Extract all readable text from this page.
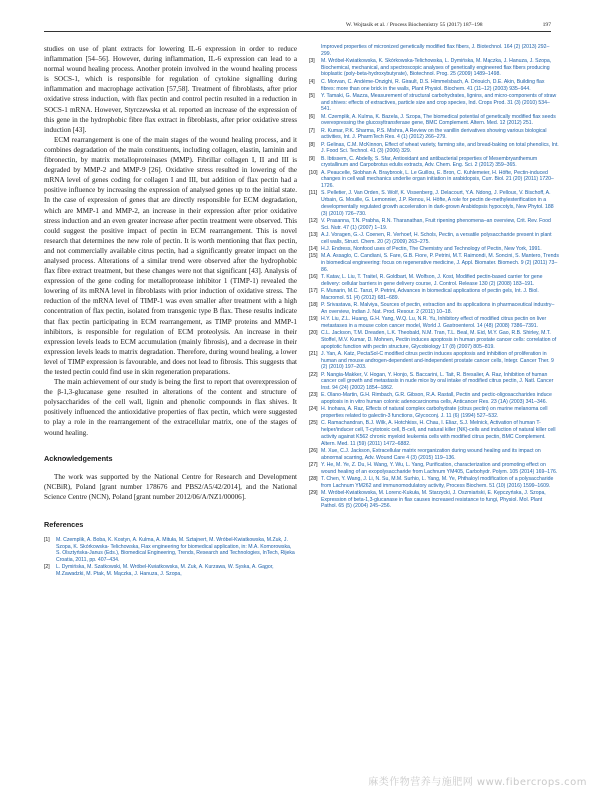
W. Wojtasik et al. / Process Biochemistry 55 (2017) 187–198	197

studies on use of plant extracts for lowering IL-6 expression in order to reduce inflammation [54–56]. However, during inflammation, IL-6 expression can lead to a normal wound healing process. Another protein involved in the wound healing process is SOCS-1, which is responsible for regulation of cytokine signalling during inflammation and macrophage activation [57,58]. Treatment of fibroblasts, after prior oxidative stress induction, with flax pectin and control pectin resulted in a reduction in SOCS-1 mRNA. However, Styrczewska et al. reported an increase of the expression of this gene in the hydrophobic fibre flax extract in fibroblasts, after prior oxidative stress induction [43].

ECM rearrangement is one of the main stages of the wound healing process, and it combines degradation of the main constituents, including collagen, elastin, laminin and fibronectin, by matrix metalloproteinases (MMP). Fibrillar collagen I, II and III is degraded by MMP-2 and MMP-9 [26]. Oxidative stress resulted in lowering of the mRNA level of genes coding for collagen I and III, but addition of flax pectin had a positive influence by increasing the expression of analysed genes up to the initial state. In the case of expression of genes that are directly responsible for ECM degradation, which are MMP-1 and MMP-2, an increase in their expression after prior oxidative stress induction and an even greater increase after pectin treatment were observed. This could suggest the positive impact of pectin in ECM rearrangement. This is novel research that determines the new role of pectin. It is worth mentioning that flax pectin, and not commercially available citrus pectin, had a significantly greater impact on the analysed process. Alterations of a similar trend were observed after the hydrophobic flax fibre extract treatment, but these changes were not that significant [43]. Analysis of expression of the gene coding for metalloprotease inhibitor 1 (TIMP-1) revealed the lowering of its mRNA level in fibroblasts with prior induction of oxidative stress. The reduction of the mRNA level of TIMP-1 was even smaller after treatment with a high concentration of flax pectin, isolated from transgenic type B flax. These results indicate that flax pectin participating in ECM rearrangement, as TIMP proteins and MMP-1 inhibitors, is responsible for regulation of ECM proteolysis. An increase in their expression levels leads to ECM accumulation (mainly fibrosis), and a decrease in their expression levels leads to matrix degradation. Therefore, during wound healing, a lower level of TIMP expression is favourable, and does not lead to fibrosis. This suggests that the tested pectin could find use in skin regeneration preparations.

The main achievement of our study is being the first to report that overexpression of the β-1,3-glucanase gene resulted in alterations of the content and structure of polysaccharides of the cell wall, lignin and phenolic compounds in flax shives. It positively influenced the antioxidative properties of flax pectin, which were suggested to play a role in the rearrangement of the extracellular matrix, one of the stages of wound healing.

Acknowledgements

The work was supported by the National Centre for Research and Development (NCBiR), Poland [grant number 178676 and PBS2/A5/42/2014], and the National Science Centre (NCN), Poland [grant number 2012/06/A/NZ1/00006].

References
[1]	M. Czemplik, A. Boba, K. Kostyn, A. Kulma, A. Mituła, M. Sztajnert, M. Wróbel-Kwiatkowska, M.Zuk, J. Szopa, K. Skórkowska- Telichowska, Flax engineering for biomedical application, in: M.A. Komorowska, S. Olsztyńska-Janus (Eds.), Biomedical Engineering, Trends, Research and Technologies, InTech, Rijeka Croatia, 2011, pp. 407–434.
[2]	L. Dymińska, M. Szatkowski, M. Wróbel-Kwiatkowska, M. Zuk, A. Kurzawa, W. Syska, A. Gągor, M.Zawadzki, M. Ptak, M. Mączka, J. Hanuza, J. Szopa,
Improved properties of micronized genetically modified flax fibers, J. Biotechnol. 164 (2) (2013) 292–299.
[3]	M. Wróbel-Kwiatkowska, K. Skórkowska-Telichowska, L. Dymińska, M. Mączka, J. Hanuza, J. Szopa, Biochemical, mechanical, and spectroscopic analyses of genetically engineered flax fibers producing bioplastic (poly-beta-hydroxybutyrate), Biotechnol. Prog. 25 (2009) 1489–1498.
[4]	C. Morvan, C. Andème-Onzighi, R. Girault, D.S. Himmelsbach, A. Driouich, D.E. Akin, Building flax fibres: more than one brick in the walls, Plant Physiol. Biochem. 41 (11–12) (2003) 935–944.
[5]	Y. Tamaki, G. Mazza, Measurement of structural carbohydrates, lignins, and micro-components of straw and shives: effects of extractives, particle size and crop species, Ind. Crops Prod. 31 (3) (2010) 534–541.
[6]	M. Czemplik, A. Kulma, K. Bazela, J. Szopa, The biomedical potential of genetically modified flax seeds overexpressing the glucosyltransferase gene, BMC Complement. Altern. Med. 12 (2012) 251.
[7]	R. Kumar, P.K. Sharma, P.S. Mishra, A Review on the vanillin derivatives showing various biological activities, Int. J. PharmTech Res. 4 (1) (2012) 266–279.
[8]	P. Gelinas, C.M. McKinnon, Effect of wheat variety, farming site, and bread-baking on total phenolics, Int. J. Food Sci. Technol. 41 (3) (2006) 329.
[9]	B. Ibtissem, C. Abdelly, S. Sfar, Antioxidant and antibacterial properties of Mesembryanthemum crystallinum and Carpobrotus edulis extracts, Adv. Chem. Eng. Sci. 2 (2012) 359–365.
[10] A. Peaucelle, Siobhan A. Braybrook, L. Le Guillou, E. Bron, C. Kuhlemeier, H. Höfte, Pectin-induced changes in cell wall mechanics underlie organ initiation in arabidopsis, Curr. Biol. 21 (20) (2011) 1720–1726.
[11] S. Pelletier, J. Van Orden, S. Wolf, K. Vissenberg, J. Delacourt, Y.A. Ndong, J. Pelloux, V. Bischoff, A. Urbain, G. Mouille, G. Lemonnier, J.P. Renou, H. Höfte, A role for pectin de-methylesterification in a developmentally regulated growth acceleration in dark-grown Arabidopsis hypocotyls, New Phytol. 188 (3) (2010) 726–730.
[12] V. Prasanna, T.N. Prabha, R.N. Tharanathan, Fruit ripening phenomena–an overview, Crit. Rev. Food Sci. Nutr. 47 (1) (2007) 1–19.
[13] A.J. Voragen, G.-J. Coenen, R. Verhoef, H. Schols, Pectin, a versatile polysaccharide present in plant cell walls, Struct. Chem. 20 (2) (2009) 263–275.
[14] H.J. Endress, Nonfood uses of Pectin, The Chemistry and Technology of Pectin, New York, 1991.
[15] M.A. Assaglo, C. Candiani, S. Fare, G.B. Fiore, P. Petrini, M.T. Raimondi, M. Soncini, S. Mantero, Trends in biomedical engineering: focus on regenerative medicine, J. Appl. Biomater. Biomech. 9 (2) (2011) 73–86.
[16] T. Katav, L. Liu, T. Traitel, R. Goldbart, M. Wolfson, J. Kost, Modified pectin-based carrier for gene delivery: cellular barriers in gene delivery course, J. Control. Release 130 (2) (2008) 183–191.
[17] F. Munarin, M.C. Tanzi, P. Petrini, Advances in biomedical applications of pectin gels, Int. J. Biol. Macromol. 51 (4) (2012) 681–689.
[18] P. Srivastava, R. Malviya, Sources of pectin, extraction and its applications in pharmaceutical industry–An overview, Indian J. Nat. Prod. Resour. 2 (2011) 10–18.
[19] H.Y. Liu, Z.L. Huang, G.H. Yang, W.Q. Lu, N.R. Yu, Inhibitory effect of modified citrus pectin on liver metastases in a mouse colon cancer model, World J. Gastroenterol. 14 (48) (2008) 7386–7391.
[20] C.L. Jackson, T.M. Dreaden, L.K. Theobald, N.M. Tran, T.L. Beal, M. Eid, M.Y. Gao, R.B. Shirley, M.T. Stoffel, M.V. Kumar, D. Mohnen, Pectin induces apoptosis in human prostate cancer cells: correlation of apoptotic function with pectin structure, Glycobiology 17 (8) (2007) 805–819.
[21] J. Yan, A. Katz, PectaSol-C modified citrus pectin induces apoptosis and inhibition of proliferation in human and mouse androgen-dependent and-independent prostate cancer cells, Integr. Cancer Ther. 9 (2) (2010) 197–203.
[22] P. Nangia-Makker, V. Hogan, Y. Honjo, S. Baccarini, L. Tait, R. Bresalier, A. Raz, Inhibition of human cancer cell growth and metastasis in nude mice by oral intake of modified citrus pectin, J. Natl. Cancer Inst. 94 (24) (2002) 1854–1862.
[23] E. Olano-Martin, G.H. Rimbach, G.R. Gibson, R.A. Rastall, Pectin and pectic-oligosaccharides induce apoptosis in in vitro human colonic adenocarcinoma cells, Anticancer Res. 23 (1A) (2003) 341–346.
[24] H. Inohara, A. Raz, Effects of natural complex carbohydrate (citrus pectin) on murine melanoma cell properties related to galectin-3 functions, Glycoconj. J. 11 (6) (1994) 527–532.
[25] C. Ramachandran, B.J. Wilk, A. Hotchkiss, H. Chau, I. Eliaz, S.J. Melnick, Activation of human T-helper/inducer cell, T-cytotoxic cell, B-cell, and natural killer (NK)-cells and induction of natural killer cell activity against K562 chronic myeloid leukemia cells with modified citrus pectin, BMC Complement. Altern. Med. 11 (59) (2011) 1472–6882.
[26] M. Xue, C.J. Jackson, Extracellular matrix reorganization during wound healing and its impact on abnormal scarring, Adv. Wound Care 4 (3) (2015) 119–136.
[27] Y. He, M. Ye, Z. Du, H. Wang, Y. Wu, L. Yang, Purification, characterization and promoting effect on wound healing of an exopolysaccharide from Lachnum YM405, Carbohydr. Polym. 105 (2014) 169–176.
[28] T. Chen, Y. Wang, J. Li, N. Su, M.M. Surhio, L. Yang, M. Ye, Phthaloyl modification of a polysaccharide from Lachnum YM262 and immunomodulatory activity, Process Biochem. 51 (10) (2016) 1599–1609.
[29] M. Wróbel-Kwiatkowska, M. Lorenc-Kukuła, M. Starzycki, J. Oszmiański, E. Kępczyńska, J. Szopa, Expression of beta-1,3-glucanase in flax causes increased resistance to fungi, Physiol. Mol. Plant Pathol. 65 (5) (2004) 245–256.
麻类作物营养与施肥网 www.fibercrops.com
